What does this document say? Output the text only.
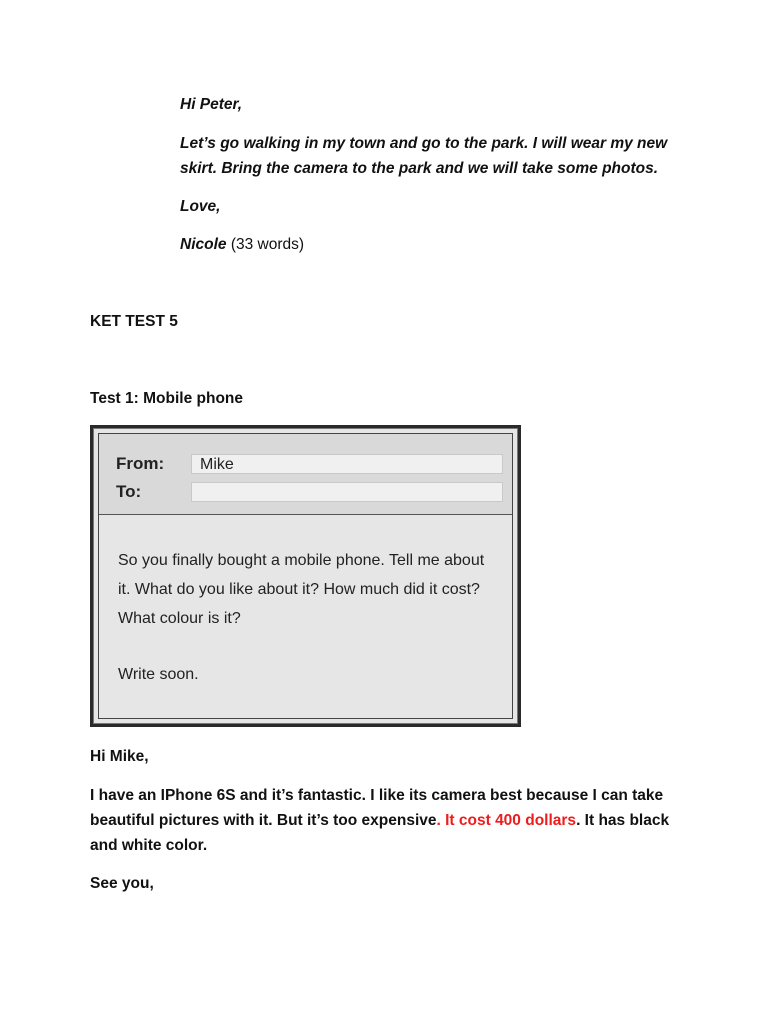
Hi Peter,

Let’s go walking in my town and go to the park. I will wear my new

skirt. Bring the camera to the park and we will take some photos.

Love,

Nicole (33 words)

KET TEST 5

Test 1: Mobile phone

From:	Mike
To:
So you finally bought a mobile phone. Tell me about
it. What do you like about it? How much did it cost?
What colour is it?
Write soon.

Hi Mike,

I have an IPhone 6S and it’s fantastic. I like its camera best because I can take

beautiful pictures with it. But it’s too expensive. It cost 400 dollars. It has black

and white color.

See you,
